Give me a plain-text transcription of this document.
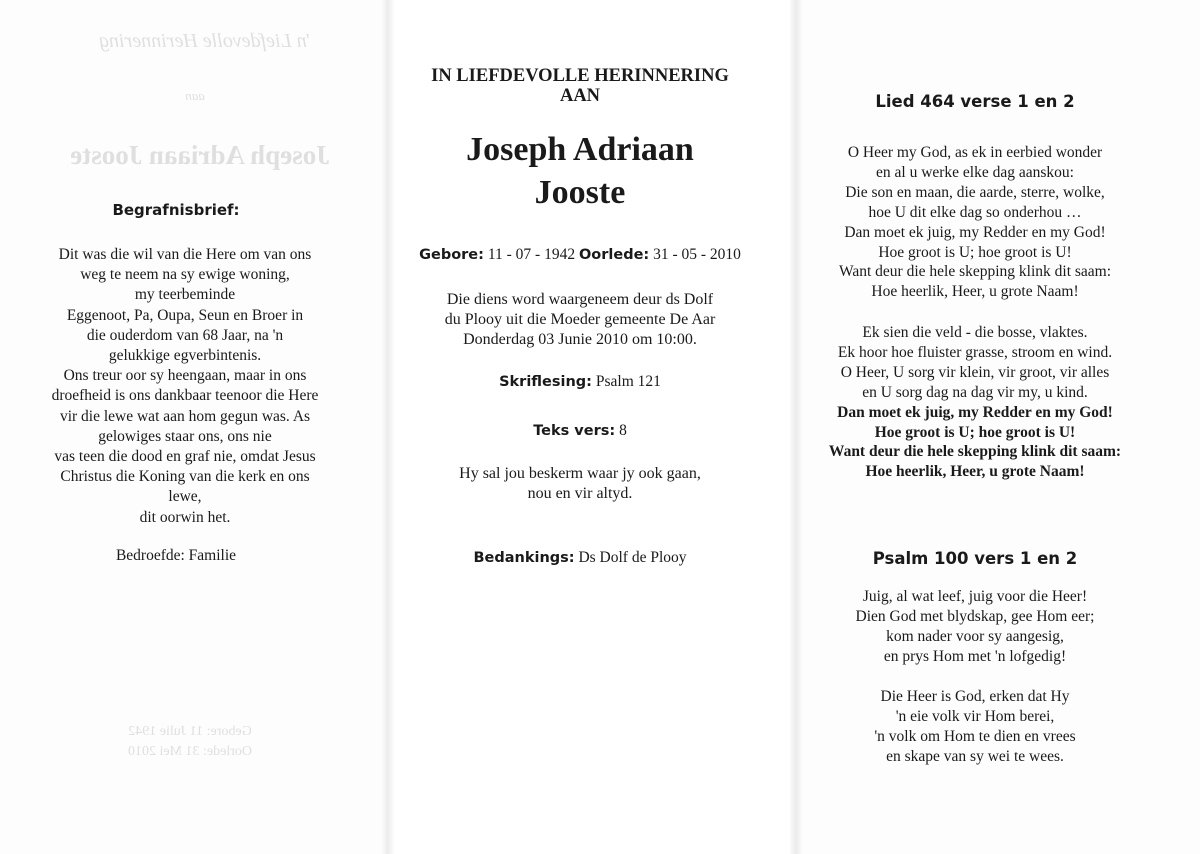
'n Liefdevolle Herinnering
aan
Joseph Adriaan Jooste
Gebore: 11 Julie 1942
Oorlede: 31 Mei 2010
Begrafnisbrief:
Dit was die wil van die Here om van ons
weg te neem na sy ewige woning,
my teerbeminde
Eggenoot, Pa, Oupa, Seun en Broer in
die ouderdom van 68 Jaar, na 'n
gelukkige egverbintenis.
Ons treur oor sy heengaan, maar in ons
droefheid is ons dankbaar teenoor die Here
vir die lewe wat aan hom gegun was. As
gelowiges staar ons, ons nie
vas teen die dood en graf nie, omdat Jesus
Christus die Koning van die kerk en ons
lewe,
dit oorwin het.
Bedroefde: Familie
IN LIEFDEVOLLE HERINNERING
AAN
Joseph Adriaan
Jooste
Gebore: 11 - 07 - 1942 Oorlede: 31 - 05 - 2010
Die diens word waargeneem deur ds Dolf
du Plooy uit die Moeder gemeente De Aar
Donderdag 03 Junie 2010 om 10:00.
Skriflesing: Psalm 121
Teks vers: 8
Hy sal jou beskerm waar jy ook gaan,
nou en vir altyd.
Bedankings: Ds Dolf de Plooy
Lied 464 verse 1 en 2
O Heer my God, as ek in eerbied wonder
en al u werke elke dag aanskou:
Die son en maan, die aarde, sterre, wolke,
hoe U dit elke dag so onderhou …
Dan moet ek juig, my Redder en my God!
Hoe groot is U; hoe groot is U!
Want deur die hele skepping klink dit saam:
Hoe heerlik, Heer, u grote Naam!
Ek sien die veld - die bosse, vlaktes.
Ek hoor hoe fluister grasse, stroom en wind.
O Heer, U sorg vir klein, vir groot, vir alles
en U sorg dag na dag vir my, u kind.
Dan moet ek juig, my Redder en my God!
Hoe groot is U; hoe groot is U!
Want deur die hele skepping klink dit saam:
Hoe heerlik, Heer, u grote Naam!
Psalm 100 vers 1 en 2
Juig, al wat leef, juig voor die Heer!
Dien God met blydskap, gee Hom eer;
kom nader voor sy aangesig,
en prys Hom met 'n lofgedig!
Die Heer is God, erken dat Hy
'n eie volk vir Hom berei,
'n volk om Hom te dien en vrees
en skape van sy wei te wees.
